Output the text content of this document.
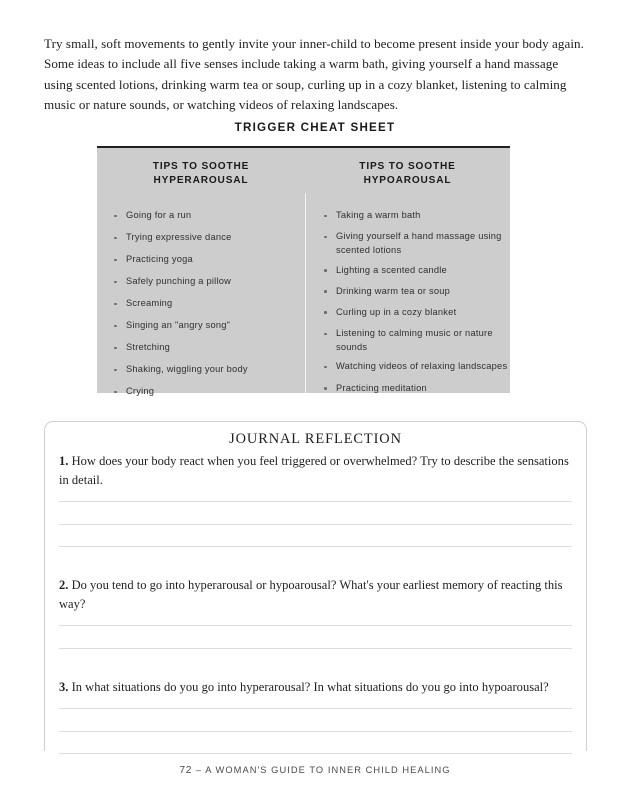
Try small, soft movements to gently invite your inner-child to become present inside your body again. Some ideas to include all five senses include taking a warm bath, giving yourself a hand massage using scented lotions, drinking warm tea or soup, curling up in a cozy blanket, listening to calming music or nature sounds, or watching videos of relaxing landscapes.
TRIGGER CHEAT SHEET
TIPS TO SOOTHE
HYPERAROUSAL
Going for a run
Trying expressive dance
Practicing yoga
Safely punching a pillow
Screaming
Singing an "angry song"
Stretching
Shaking, wiggling your body
Crying
TIPS TO SOOTHE
HYPOAROUSAL
Taking a warm bath
Giving yourself a hand massage using scented lotions
Lighting a scented candle
Drinking warm tea or soup
Curling up in a cozy blanket
Listening to calming music or nature sounds
Watching videos of relaxing landscapes
Practicing meditation
JOURNAL REFLECTION
1. How does your body react when you feel triggered or overwhelmed? Try to describe the sensations in detail.
2. Do you tend to go into hyperarousal or hypoarousal? What's your earliest memory of reacting this way?
3. In what situations do you go into hyperarousal? In what situations do you go into hypoarousal?
72 – A WOMAN'S GUIDE TO INNER CHILD HEALING
